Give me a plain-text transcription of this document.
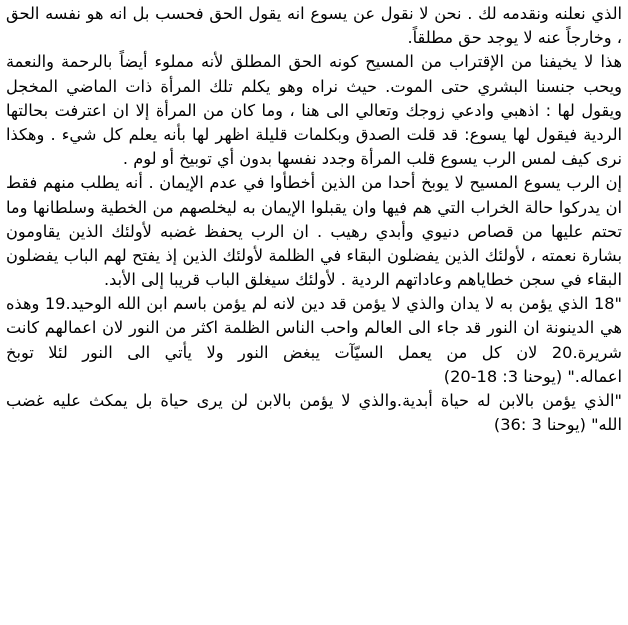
الذي نعلنه ونقدمه لك . نحن لا نقول عن يسوع انه يقول الحق فحسب بل انه هو نفسه الحق
، وخارجاً عنه لا يوجد حق مطلقاً.
هذا لا يخيفنا من الإقتراب من المسيح كونه الحق المطلق لأنه مملوء أيضاً بالرحمة والنعمة
ويحب جنسنا البشري حتى الموت. حيث نراه وهو يكلم تلك المرأة ذات الماضي المخجل
ويقول لها : اذهبي وادعي زوجك وتعالي الى هنا ، وما كان من المرأة إلا ان اعترفت بحالتها
الردية فيقول لها يسوع: قد قلت الصدق وبكلمات قليلة اظهر لها بأنه يعلم كل شيء . وهكذا
نرى كيف لمس الرب يسوع قلب المرأة وجدد نفسها بدون أي توبيخ أو لوم .
إن الرب يسوع المسيح لا يوبخ أحدا من الذين أخطأوا في عدم الإيمان . أنه يطلب منهم فقط
ان يدركوا حالة الخراب التي هم فيها وان يقبلوا الإيمان به ليخلصهم من الخطية وسلطانها وما
تحتم عليها من قصاص دنيوي وأبدي رهيب . ان الرب يحفظ غضبه لأولئك الذين يقاومون
بشارة نعمته ، لأولئك الذين يفضلون البقاء في الظلمة لأولئك الذين إذ يفتح لهم الباب يفضلون
البقاء في سجن خطاياهم وعاداتهم الردية . لأولئك سيغلق الباب قريبا إلى الأبد.
"18 الذي يؤمن به لا يدان والذي لا يؤمن قد دين لانه لم يؤمن باسم ابن الله الوحيد.19 وهذه
هي الدينونة ان النور قد جاء الى العالم واحب الناس الظلمة اكثر من النور لان اعمالهم كانت
شريرة.20 لان كل من يعمل السيّآت يبغض النور ولا يأتي الى النور لئلا توبخ
اعماله." (يوحنا 3: 18-20)
"الذي يؤمن بالابن له حياة أبدية.والذي لا يؤمن بالابن لن يرى حياة بل يمكث عليه غضب
الله" (يوحنا 3 :36)
